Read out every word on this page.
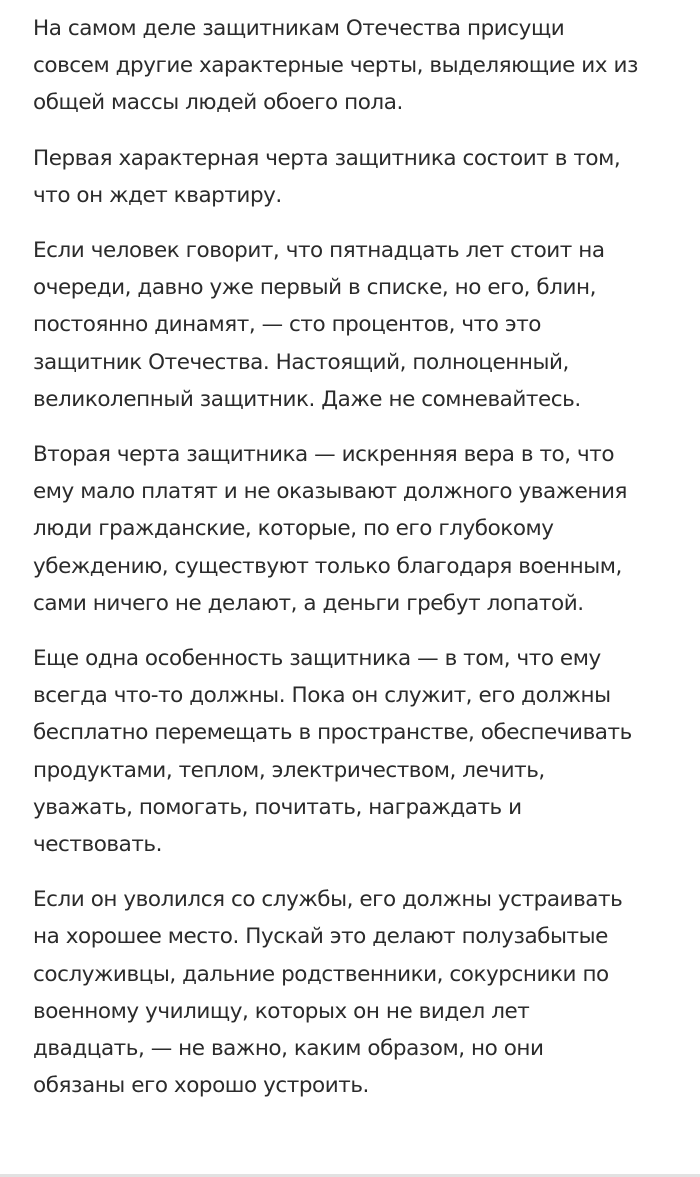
На самом деле защитникам Отечества присущи
совсем другие характерные черты, выделяющие их из
общей массы людей обоего пола.

Первая характерная черта защитника состоит в том,
что он ждет квартиру.

Если человек говорит, что пятнадцать лет стоит на
очереди, давно уже первый в списке, но его, блин,
постоянно динамят, — сто процентов, что это
защитник Отечества. Настоящий, полноценный,
великолепный защитник. Даже не сомневайтесь.

Вторая черта защитника — искренняя вера в то, что
ему мало платят и не оказывают должного уважения
люди гражданские, которые, по его глубокому
убеждению, существуют только благодаря военным,
сами ничего не делают, а деньги гребут лопатой.

Еще одна особенность защитника — в том, что ему
всегда что-то должны. Пока он служит, его должны
бесплатно перемещать в пространстве, обеспечивать
продуктами, теплом, электричеством, лечить,
уважать, помогать, почитать, награждать и
чествовать.

Если он уволился со службы, его должны устраивать
на хорошее место. Пускай это делают полузабытые
сослуживцы, дальние родственники, сокурсники по
военному училищу, которых он не видел лет
двадцать, — не важно, каким образом, но они
обязаны его хорошо устроить.
